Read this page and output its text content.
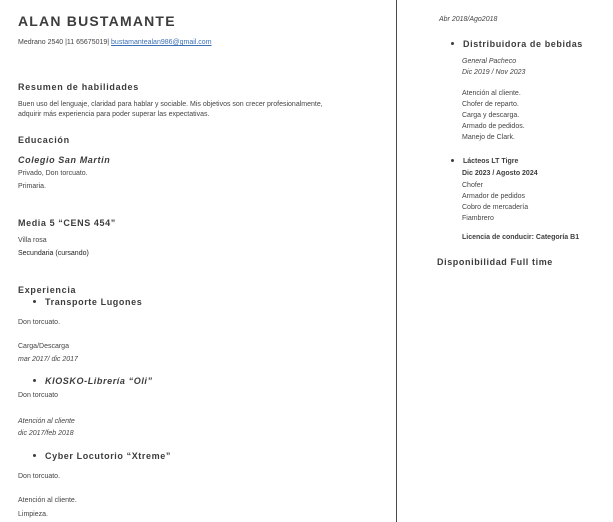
ALAN BUSTAMANTE
Medrano 2540 |11 65675019| bustamantealan986@gmail.com
Resumen de habilidades
Buen uso del lenguaje, claridad para hablar y sociable. Mis objetivos son crecer profesionalmente,
adquirir más experiencia para poder superar las expectativas.
Educación
Colegio San Martin
Privado, Don torcuato.
Primaria.
Media 5 “CENS 454”
Villa rosa
Secundaria (cursando)
Experiencia
Transporte Lugones
Don torcuato.
Carga/Descarga
mar 2017/ dic 2017
KIOSKO-Librería “Oli”
Don torcuato
Atención al cliente
dic 2017/feb 2018
Cyber Locutorio “Xtreme”
Don torcuato.
Atención al cliente.
Limpieza.
Abr 2018/Ago2018
Distribuidora de bebidas
General Pacheco
Dic 2019 / Nov 2023
Atención al cliente.
Chofer de reparto.
Carga y descarga.
Armado de pedidos.
Manejo de Clark.
Lácteos LT Tigre
Dic 2023 / Agosto 2024
Chofer
Armador de pedidos
Cobro de mercadería
Fiambrero
Licencia de conducir: Categoría B1
Disponibilidad Full time
